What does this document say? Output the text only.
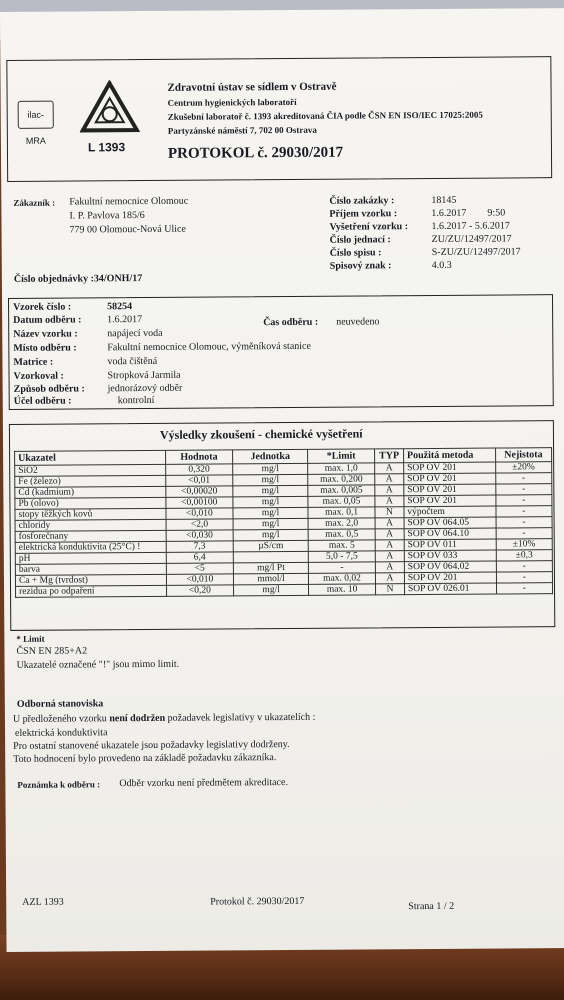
ilac-MRA	L 1393
Zdravotní ústav se sídlem v Ostravě
Centrum hygienických laboratoří
Zkušební laboratoř č. 1393 akreditovaná ČIA podle ČSN EN ISO/IEC 17025:2005
Partyzánské náměstí 7, 702 00 Ostrava
PROTOKOL č. 29030/2017
Zákazník : Fakultní nemocnice Olomouc
I. P. Pavlova 185/6
779 00 Olomouc-Nová Ulice
Číslo zakázky :	18145
Příjem vzorku :	1.6.2017 9:50
Vyšetření vzorku : 1.6.2017 - 5.6.2017
Číslo jednací :	ZU/ZU/12497/2017
Číslo spisu :	S-ZU/ZU/12497/2017
Spisový znak :	4.0.3
Číslo objednávky :34/ONH/17
Vzorek číslo :	58254
Datum odběru :	1.6.2017	Čas odběru : neuvedeno
Název vzorku :	napájecí voda
Místo odběru :	Fakultní nemocnice Olomouc, výměníková stanice
Matrice :	voda čištěná
Vzorkoval :	Stropková Jarmila
Způsob odběru : jednorázový odběr
Účel odběru :	kontrolní
Výsledky zkoušení - chemické vyšetření
Ukazatel	Hodnota	Jednotka	*Limit	TYP	Použitá metoda	Nejistota
SiO2	0,320	mg/l	max. 1,0	A	SOP OV 201	±20%
Fe (železo)	<0,01	mg/l	max. 0,200	A	SOP OV 201	-
Cd (kadmium)	<0,00020	mg/l	max. 0,005	A	SOP OV 201	-
Pb (olovo)	<0,00100	mg/l	max. 0,05	A	SOP OV 201	-
stopy těžkých kovů	<0,010	mg/l	max. 0,1	N	výpočtem	-
chloridy	<2,0	mg/l	max. 2,0	A	SOP OV 064.05	-
fosforečnany	<0,030	mg/l	max. 0,5	A	SOP OV 064.10	-
elektrická konduktivita (25°C) !	7,3	µS/cm	max. 5	A	SOP OV 011	±10%
pH	6,4		5,0 - 7,5	A	SOP OV 033	±0,3
barva	<5	mg/l Pt	-	A	SOP OV 064.02	-
Ca + Mg (tvrdost)	<0,010	mmol/l	max. 0,02	A	SOP OV 201	-
rezidua po odpaření	<0,20	mg/l	max. 10	N	SOP OV 026.01	-
* Limit
ČSN EN 285+A2
Ukazatelé označené "!" jsou mimo limit.
Odborná stanoviska
U předloženého vzorku není dodržen požadavek legislativy v ukazatelích :
elektrická konduktivita
Pro ostatní stanovené ukazatele jsou požadavky legislativy dodrženy.
Toto hodnocení bylo provedeno na základě požadavku zákazníka.
Poznámka k odběru : Odběr vzorku není předmětem akreditace.
AZL 1393	Protokol č. 29030/2017	Strana 1 / 2
